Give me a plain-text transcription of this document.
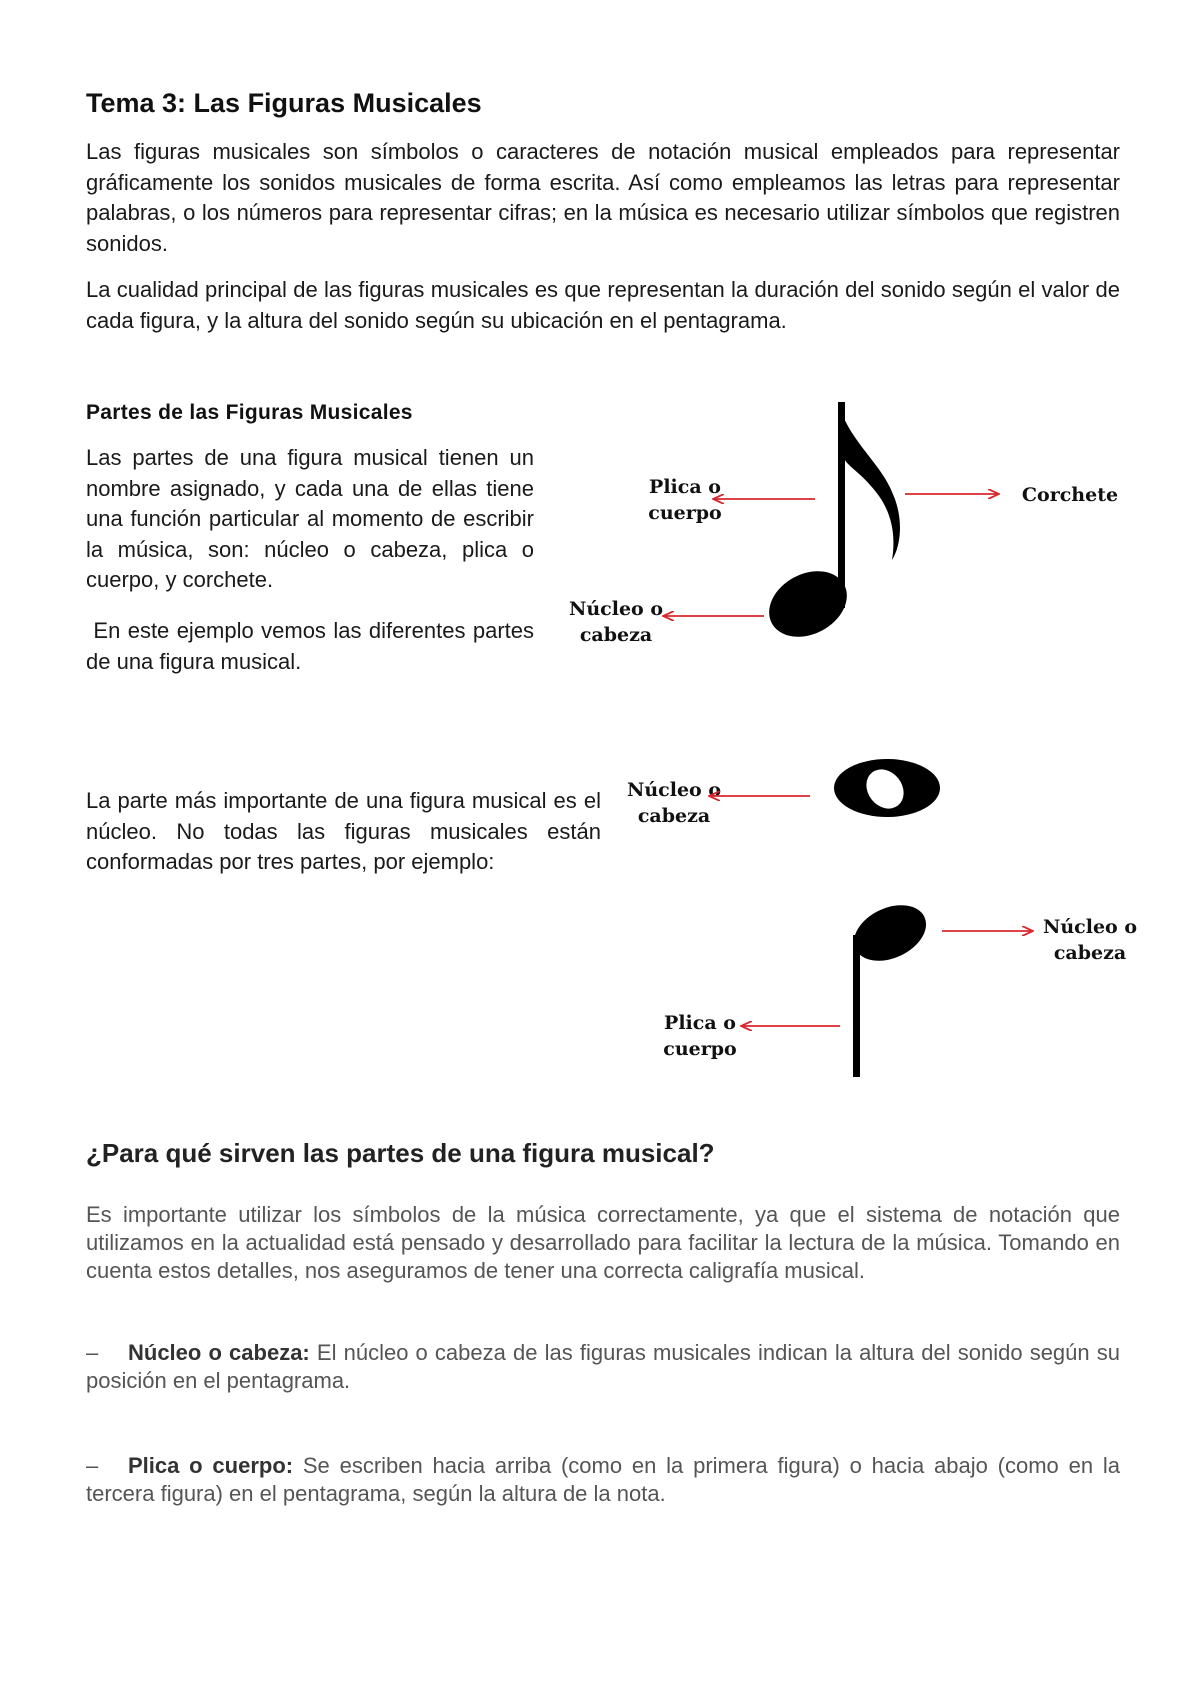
Tema 3: Las Figuras Musicales
Las figuras musicales son símbolos o caracteres de notación musical empleados para representar gráficamente los sonidos musicales de forma escrita. Así como empleamos las letras para representar palabras, o los números para representar cifras; en la música es necesario utilizar símbolos que registren sonidos.
La cualidad principal de las figuras musicales es que representan la duración del sonido según el valor de cada figura, y la altura del sonido según su ubicación en el pentagrama.
Partes de las Figuras Musicales
Las partes de una figura musical tienen un nombre asignado, y cada una de ellas tiene una función particular al momento de escribir la música, son: núcleo o cabeza, plica o cuerpo, y corchete.
En este ejemplo vemos las diferentes partes de una figura musical.
La parte más importante de una figura musical es el núcleo. No todas las figuras musicales están conformadas por tres partes, por ejemplo:
Plica o
cuerpo
Corchete
Núcleo o
cabeza
Núcleo o
cabeza
Núcleo o
cabeza
Plica o
cuerpo
¿Para qué sirven las partes de una figura musical?
Es importante utilizar los símbolos de la música correctamente, ya que el sistema de notación que utilizamos en la actualidad está pensado y desarrollado para facilitar la lectura de la música. Tomando en cuenta estos detalles, nos aseguramos de tener una correcta caligrafía musical.
– Núcleo o cabeza: El núcleo o cabeza de las figuras musicales indican la altura del sonido según su posición en el pentagrama.
– Plica o cuerpo: Se escriben hacia arriba (como en la primera figura) o hacia abajo (como en la tercera figura) en el pentagrama, según la altura de la nota.
